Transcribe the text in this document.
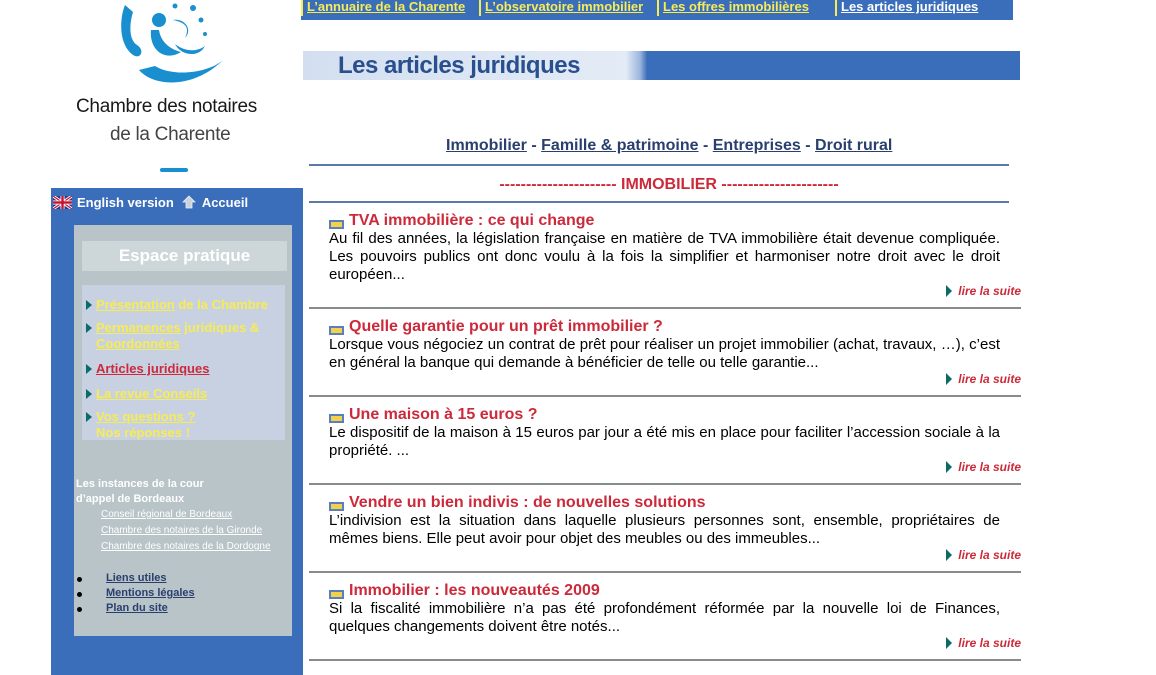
Chambre des notaires
de la Charente
L’annuaire de la Charente L’observatoire immobilier Les offres immobilières Les articles juridiques
Les articles juridiques
English version Accueil
Espace pratique
Présentation de la Chambre
Permanences juridiques &
Coordonnées
Articles juridiques
La revue Conseils
Vos questions ?
Nos réponses !
Les instances de la cour
d’appel de Bordeaux
Conseil régional de Bordeaux
Chambre des notaires de la Gironde
Chambre des notaires de la Dordogne
Liens utiles
Mentions légales
Plan du site
Immobilier - Famille & patrimoine - Entreprises - Droit rural
---------------------- IMMOBILIER ----------------------
TVA immobilière : ce qui change
Au fil des années, la législation française en matière de TVA immobilière était devenue compliquée. Les pouvoirs publics ont donc voulu à la fois la simplifier et harmoniser notre droit avec le droit européen...
lire la suite
Quelle garantie pour un prêt immobilier ?
Lorsque vous négociez un contrat de prêt pour réaliser un projet immobilier (achat, travaux, …), c’est en général la banque qui demande à bénéficier de telle ou telle garantie...
lire la suite
Une maison à 15 euros ?
Le dispositif de la maison à 15 euros par jour a été mis en place pour faciliter l’accession sociale à la propriété. ...
lire la suite
Vendre un bien indivis : de nouvelles solutions
L’indivision est la situation dans laquelle plusieurs personnes sont, ensemble, propriétaires de mêmes biens. Elle peut avoir pour objet des meubles ou des immeubles...
lire la suite
Immobilier : les nouveautés 2009
Si la fiscalité immobilière n’a pas été profondément réformée par la nouvelle loi de Finances, quelques changements doivent être notés...
lire la suite
